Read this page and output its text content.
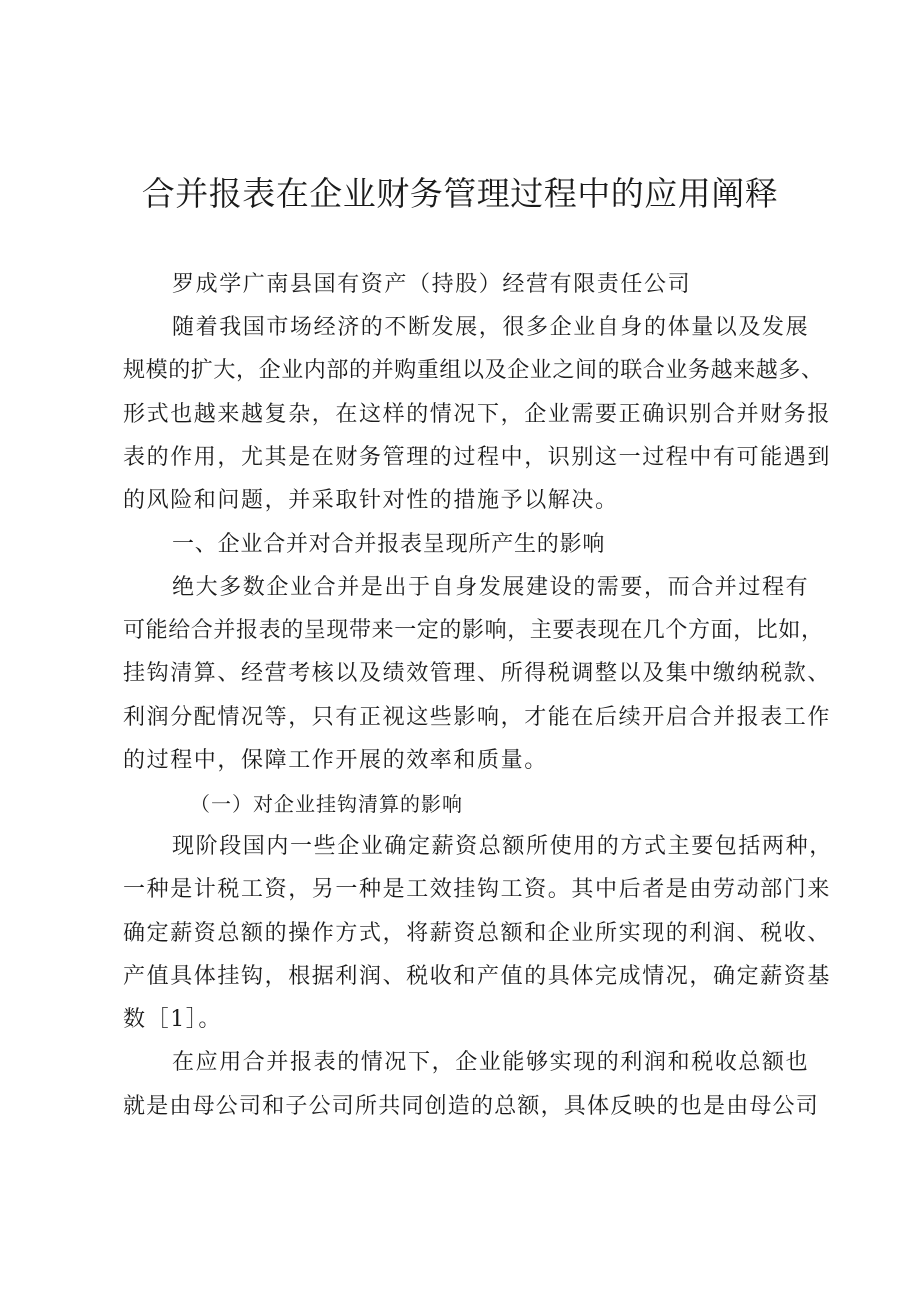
合并报表在企业财务管理过程中的应用阐释

罗成学广南县国有资产（持股）经营有限责任公司

随着我国市场经济的不断发展，很多企业自身的体量以及发展

规模的扩大，企业内部的并购重组以及企业之间的联合业务越来越多、

形式也越来越复杂，在这样的情况下，企业需要正确识别合并财务报

表的作用，尤其是在财务管理的过程中，识别这一过程中有可能遇到

的风险和问题，并采取针对性的措施予以解决。

一、企业合并对合并报表呈现所产生的影响

绝大多数企业合并是出于自身发展建设的需要，而合并过程有

可能给合并报表的呈现带来一定的影响，主要表现在几个方面，比如，

挂钩清算、经营考核以及绩效管理、所得税调整以及集中缴纳税款、

利润分配情况等，只有正视这些影响，才能在后续开启合并报表工作

的过程中，保障工作开展的效率和质量。

（一）对企业挂钩清算的影响

现阶段国内一些企业确定薪资总额所使用的方式主要包括两种，

一种是计税工资，另一种是工效挂钩工资。其中后者是由劳动部门来

确定薪资总额的操作方式，将薪资总额和企业所实现的利润、税收、

产值具体挂钩，根据利润、税收和产值的具体完成情况，确定薪资基

数［1］。

在应用合并报表的情况下，企业能够实现的利润和税收总额也

就是由母公司和子公司所共同创造的总额，具体反映的也是由母公司
